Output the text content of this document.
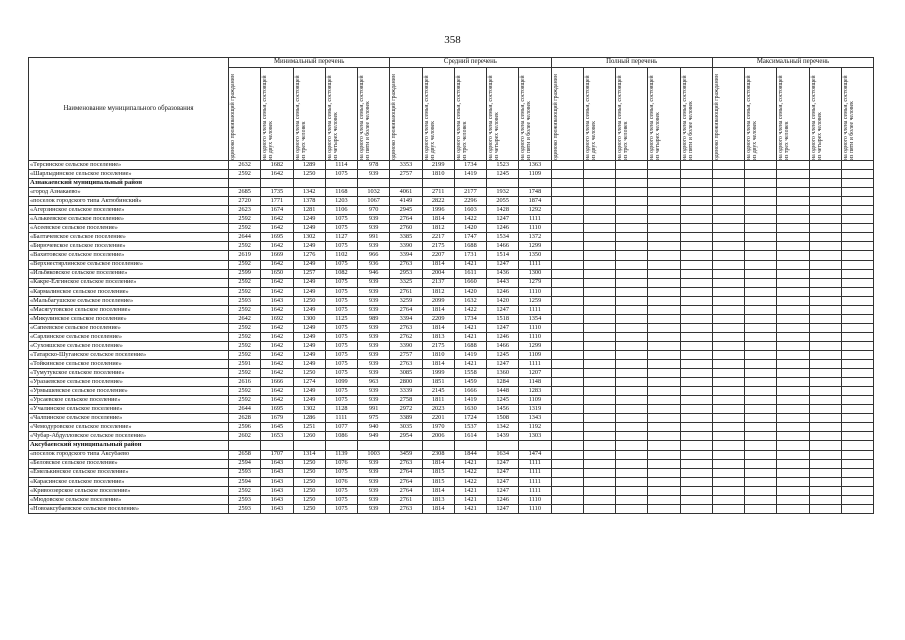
358
Наименование муниципального образования	Минимальный перечень					Средний перечень					Полный перечень					Максимальный перечень				

	одиноко проживающий гражданин	на одного члена семьи, состоящей из двух человек	на одного члена семьи, состоящей из трех человек	на одного члена семьи, состоящей из четырех человек	на одного члена семьи, состоящей из пяти и более человек	одиноко проживающий гражданин	на одного члена семьи, состоящей из двух человек	на одного члена семьи, состоящей из трех человек	на одного члена семьи, состоящей из четырех человек	на одного члена семьи, состоящей из пяти и более человек	одиноко проживающий гражданин	на одного члена семьи, состоящей из двух человек	на одного члена семьи, состоящей из трех человек	на одного члена семьи, состоящей из четырех человек	на одного члена семьи, состоящей из пяти и более человек	одиноко проживающий гражданин	на одного члена семьи, состоящей из двух человек	на одного члена семьи, состоящей из трех человек	на одного члена семьи, состоящей из четырех человек	на одного члена семьи, состоящей из пяти и более человек

«Терсинское сельское поселение»	2632	1682	1289	1114	978	3353	2199	1734	1523	1363										
«Шарлыдинское сельское поселение»	2592	1642	1250	1075	939	2757	1810	1419	1245	1109										
Азнакаевский муниципальный район																				
«город Азнакаево»	2685	1735	1342	1168	1032	4061	2711	2177	1932	1748										
«поселок городского типа Актюбинский»	2720	1771	1378	1203	1067	4149	2822	2296	2055	1874										
«Агерзинское сельское поселение»	2623	1674	1281	1106	970	2945	1996	1603	1428	1292										
«Алькеевское сельское поселение»	2592	1642	1249	1075	939	2764	1814	1422	1247	1111										
«Асеевское сельское поселение»	2592	1642	1249	1075	939	2760	1812	1420	1246	1110										
«Балтачевское сельское поселение»	2644	1695	1302	1127	991	3385	2217	1747	1534	1372										
«Бирючевское сельское поселение»	2592	1642	1249	1075	939	3390	2175	1688	1466	1299										
«Вахитовское сельское поселение»	2619	1669	1276	1102	966	3394	2207	1731	1514	1350										
«Верхнестярлинское сельское поселение»	2592	1642	1249	1075	936	2763	1814	1421	1247	1111										
«Ильбяковское сельское поселение»	2599	1650	1257	1082	946	2953	2004	1611	1436	1300										
«Какре-Елгинское сельское поселение»	2592	1642	1249	1075	939	3325	2137	1660	1443	1279										
«Кармалинское сельское поселение»	2592	1642	1249	1075	939	2761	1812	1420	1246	1110										
«Мальбагушское сельское поселение»	2593	1643	1250	1075	939	3259	2099	1632	1420	1259										
«Масягутовское сельское поселение»	2592	1642	1249	1075	939	2764	1814	1422	1247	1111										
«Микулинское сельское поселение»	2642	1692	1300	1125	989	3394	2209	1734	1518	1354										
«Сапеевское сельское поселение»	2592	1642	1249	1075	939	2763	1814	1421	1247	1110										
«Сарлинское сельское поселение»	2592	1642	1249	1075	939	2762	1813	1421	1246	1110										
«Сухояшское сельское поселение»	2592	1642	1249	1075	939	3390	2175	1688	1466	1299										
«Татарско-Шуганское сельское поселение»	2592	1642	1249	1075	939	2757	1810	1419	1245	1109										
«Тойкинское сельское поселение»	2591	1642	1249	1075	939	2763	1814	1421	1247	1111										
«Тумутукское сельское поселение»	2592	1642	1250	1075	939	3085	1999	1558	1360	1207										
«Уразаевское сельское поселение»	2616	1666	1274	1099	963	2800	1851	1459	1284	1148										
«Урмышевское сельское поселение»	2592	1642	1249	1075	939	3339	2145	1666	1448	1283										
«Урсаевское сельское поселение»	2592	1642	1249	1075	939	2758	1811	1419	1245	1109										
«Учалинское сельское поселение»	2644	1695	1302	1128	991	2972	2023	1630	1456	1319										
«Чалпинское сельское поселение»	2628	1679	1286	1111	975	3389	2201	1724	1508	1343										
«Чемодуровское сельское поселение»	2596	1645	1251	1077	940	3035	1970	1537	1342	1192										
«Чубар-Абдулловское сельское поселение»	2602	1653	1260	1086	949	2954	2006	1614	1439	1303										
Аксубаевский муниципальный район																				
«поселок городского типа Аксубаево	2658	1707	1314	1139	1003	3459	2308	1844	1634	1474										
«Беловское сельское поселение»	2594	1643	1250	1076	939	2763	1814	1421	1247	1111										
«Емелькинское сельское поселение»	2593	1643	1250	1075	939	2764	1815	1422	1247	1111										
«Карасинское сельское поселение»	2594	1643	1250	1076	939	2764	1815	1422	1247	1111										
«Кривоозерское сельское поселение»	2592	1643	1250	1075	939	2764	1814	1421	1247	1111										
«Мюдовское сельское поселение»	2593	1643	1250	1075	939	2761	1813	1421	1246	1110										
«Новоаксубаевское сельское поселение»	2593	1643	1250	1075	939	2763	1814	1421	1247	1110										
